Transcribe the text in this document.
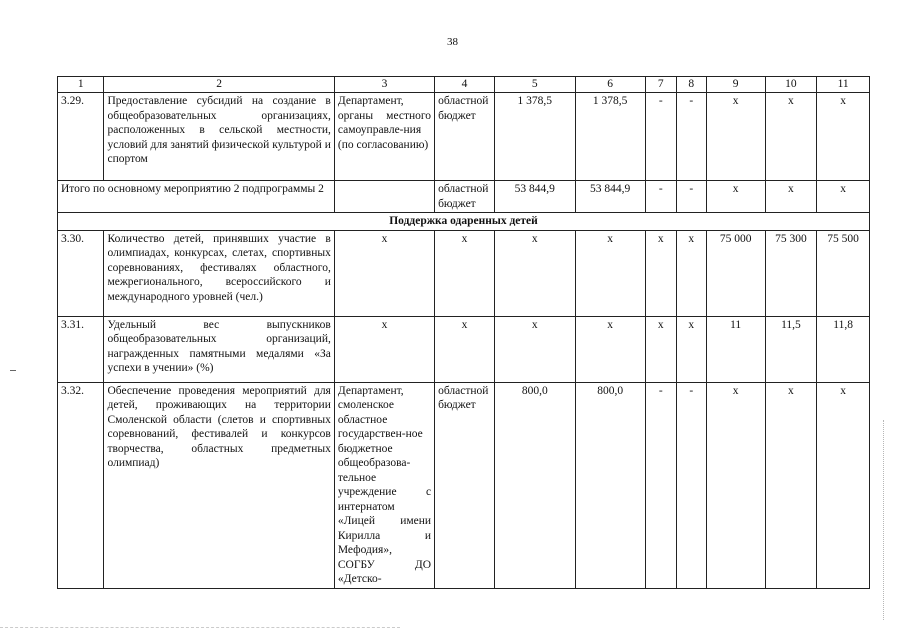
38
1	2	3	4	5	6	7	8	9	10	11
3.29.	Предоставление субсидий на создание в общеобразовательных организациях, расположенных в сельской местности, условий для занятий физической культурой и спортом	Департамент, органы местного самоуправле-ния (по согласованию)	областной бюджет	1 378,5	1 378,5	-	-	х	х	х
Итого по основному мероприятию 2 подпрограммы 2			областной бюджет	53 844,9	53 844,9	-	-	х	х	х
Поддержка одаренных детей										
3.30.	Количество детей, принявших участие в олимпиадах, конкурсах, слетах, спортивных соревнованиях, фестивалях областного, межрегионального, всероссийского и международного уровней (чел.)	х	х	х	х	х	х	75 000	75 300	75 500
3.31.	Удельный вес выпускников общеобразовательных организаций, награжденных памятными медалями «За успехи в учении» (%)	х	х	х	х	х	х	11	11,5	11,8
3.32.	Обеспечение проведения мероприятий для детей, проживающих на территории Смоленской области (слетов и спортивных соревнований, фестивалей и конкурсов творчества, областных предметных олимпиад)	Департамент, смоленское областное государствен-ное бюджетное общеобразова-тельное учреждение с интернатом «Лицей имени Кирилла и Мефодия», СОГБУ ДО «Детско-	областной бюджет	800,0	800,0	-	-	х	х	х
